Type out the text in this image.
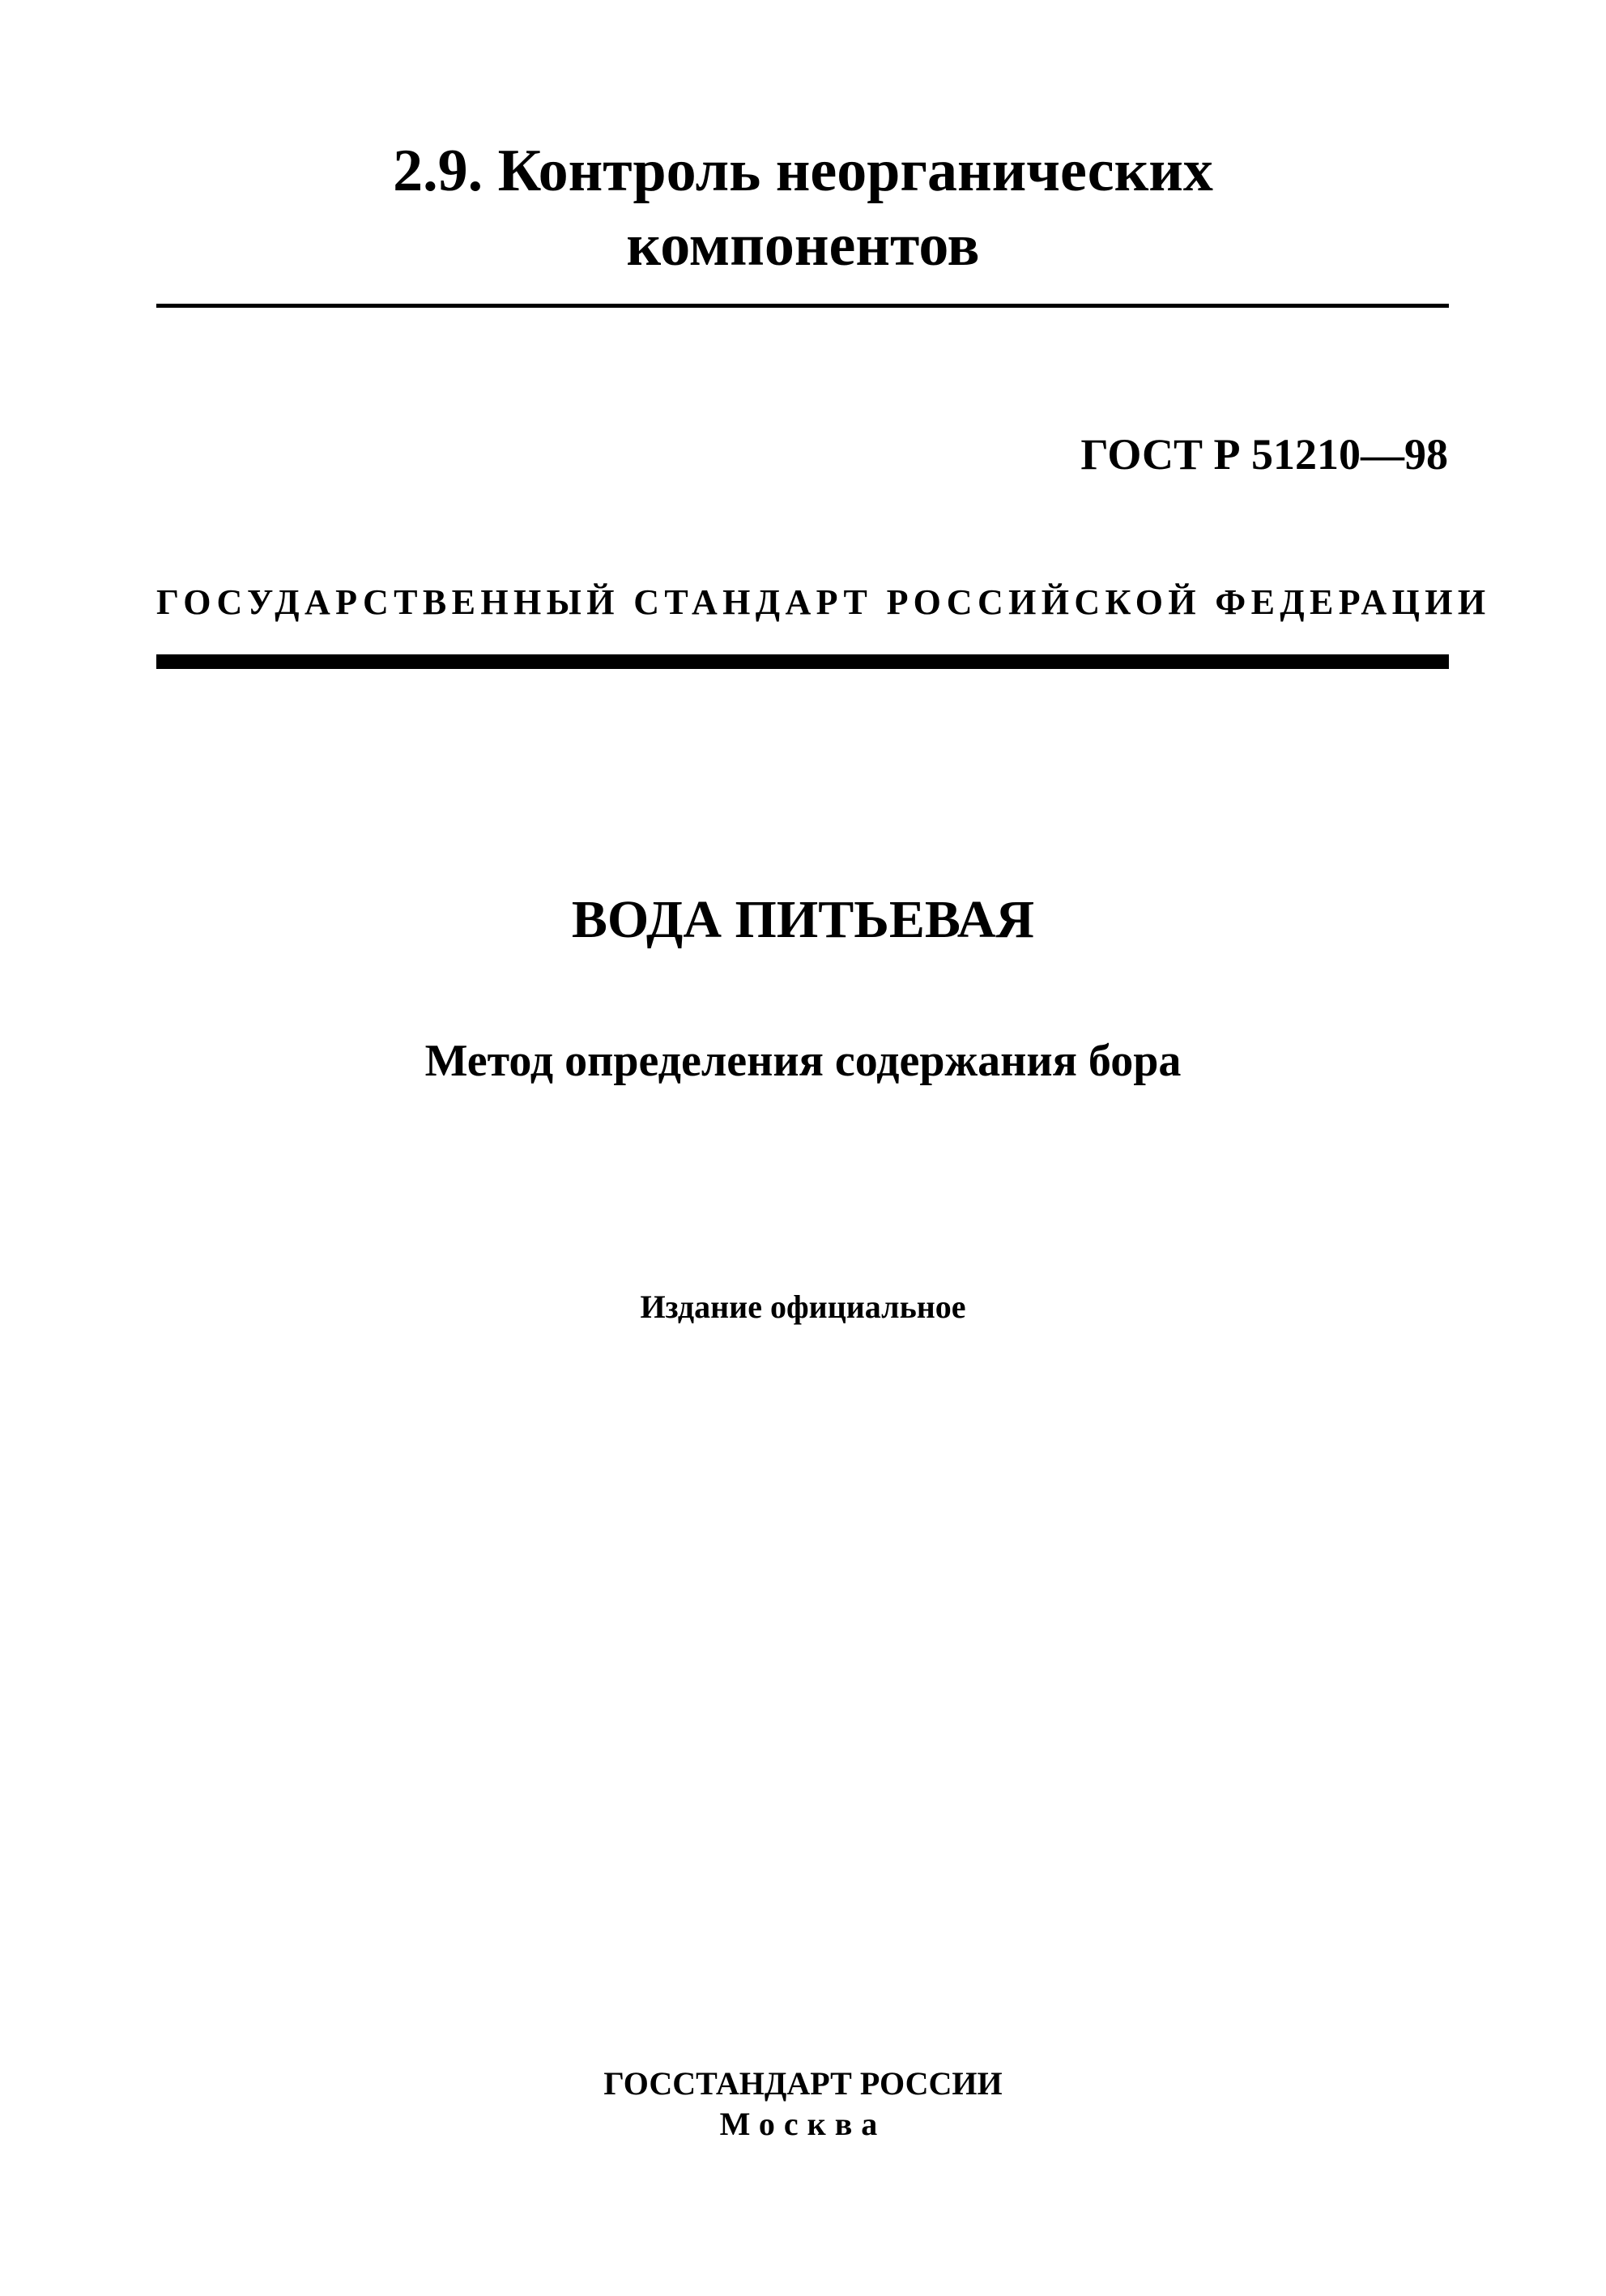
2.9. Контроль неорганических
компонентов
ГОСТ Р 51210—98
ГОСУДАРСТВЕННЫЙ СТАНДАРТ РОССИЙСКОЙ ФЕДЕРАЦИИ
ВОДА ПИТЬЕВАЯ
Метод определения содержания бора
Издание официальное
ГОССТАНДАРТ РОССИИ
Москва
